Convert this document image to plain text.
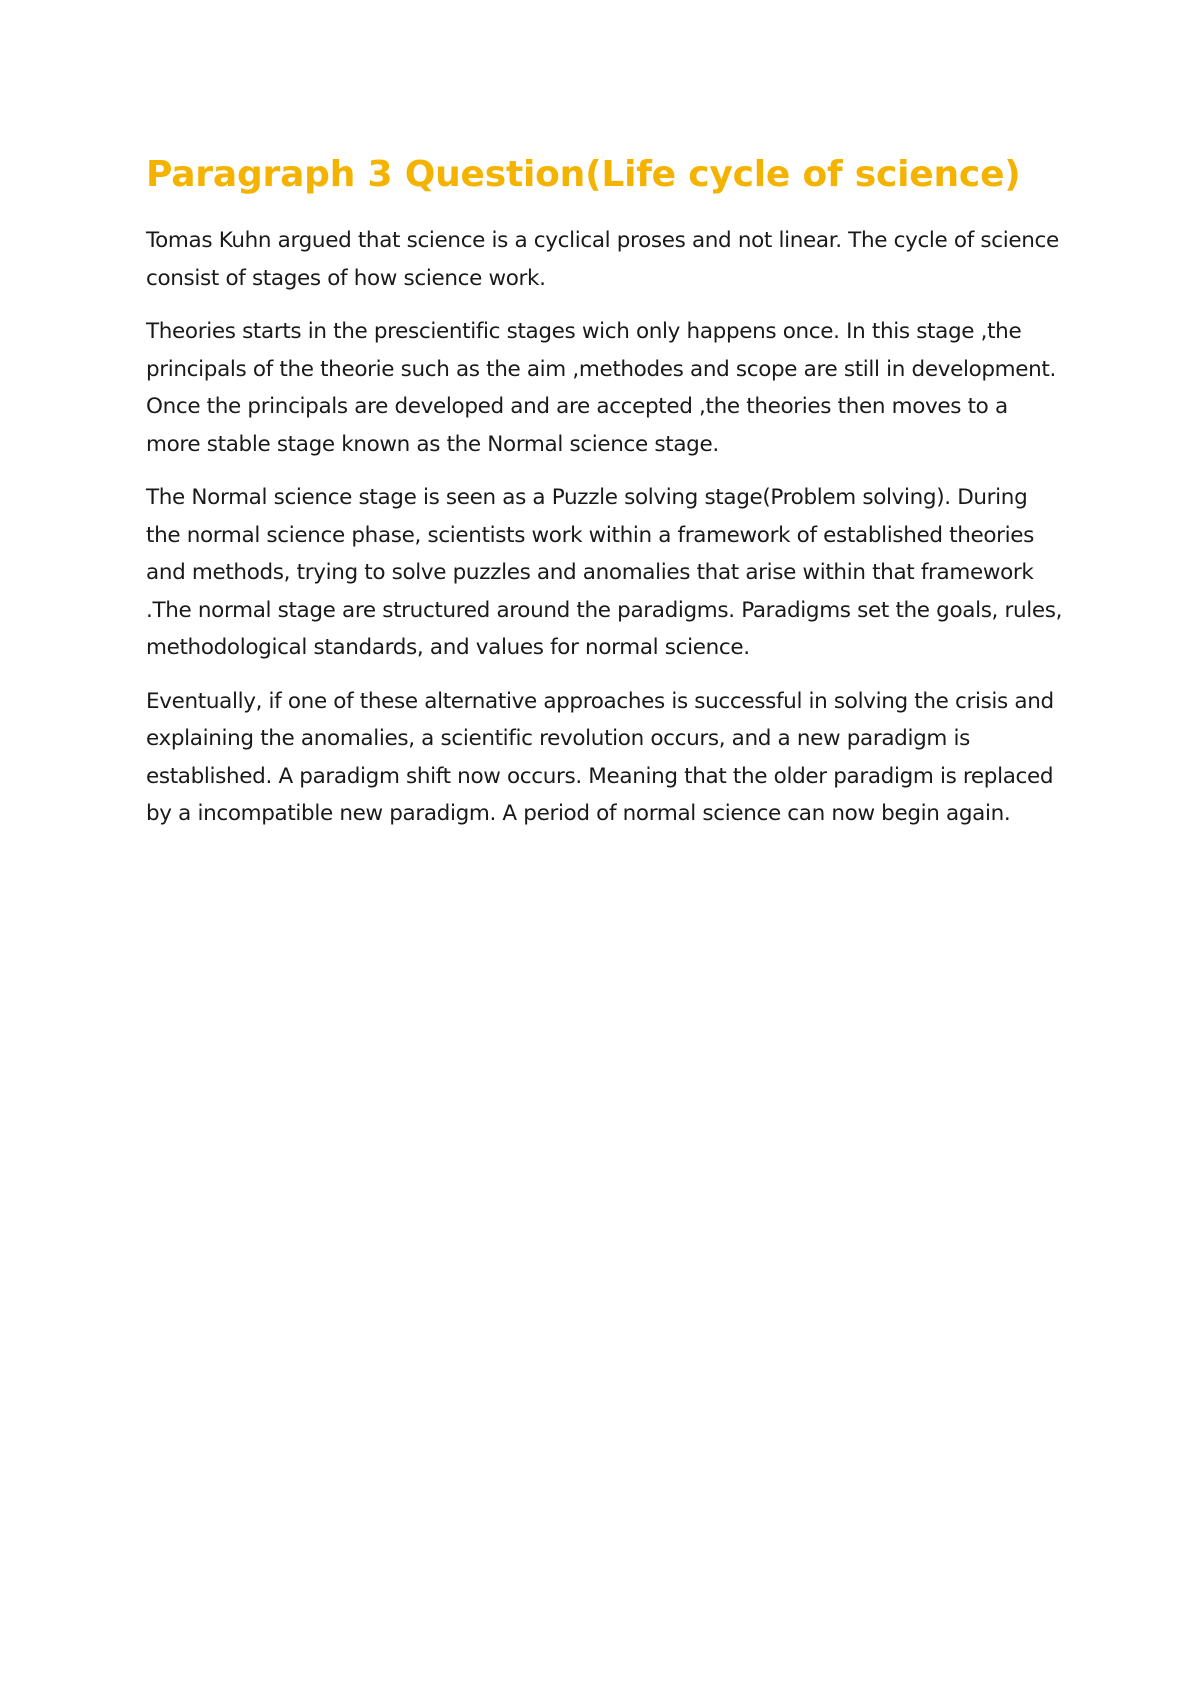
Paragraph 3 Question(Life cycle of science)

Tomas Kuhn argued that science is a cyclical proses and not linear. The cycle of science consist of stages of how science work.

Theories starts in the prescientific stages wich only happens once. In this stage ,the principals of the theorie such as the aim ,methodes and scope are still in development. Once the principals are developed and are accepted ,the theories then moves to a more stable stage known as the Normal science stage.

The Normal science stage is seen as a Puzzle solving stage(Problem solving). During the normal science phase, scientists work within a framework of established theories and methods, trying to solve puzzles and anomalies that arise within that framework .The normal stage are structured around the paradigms. Paradigms set the goals, rules, methodological standards, and values for normal science.

Eventually, if one of these alternative approaches is successful in solving the crisis and explaining the anomalies, a scientific revolution occurs, and a new paradigm is established. A paradigm shift now occurs. Meaning that the older paradigm is replaced by a incompatible new paradigm. A period of normal science can now begin again.
